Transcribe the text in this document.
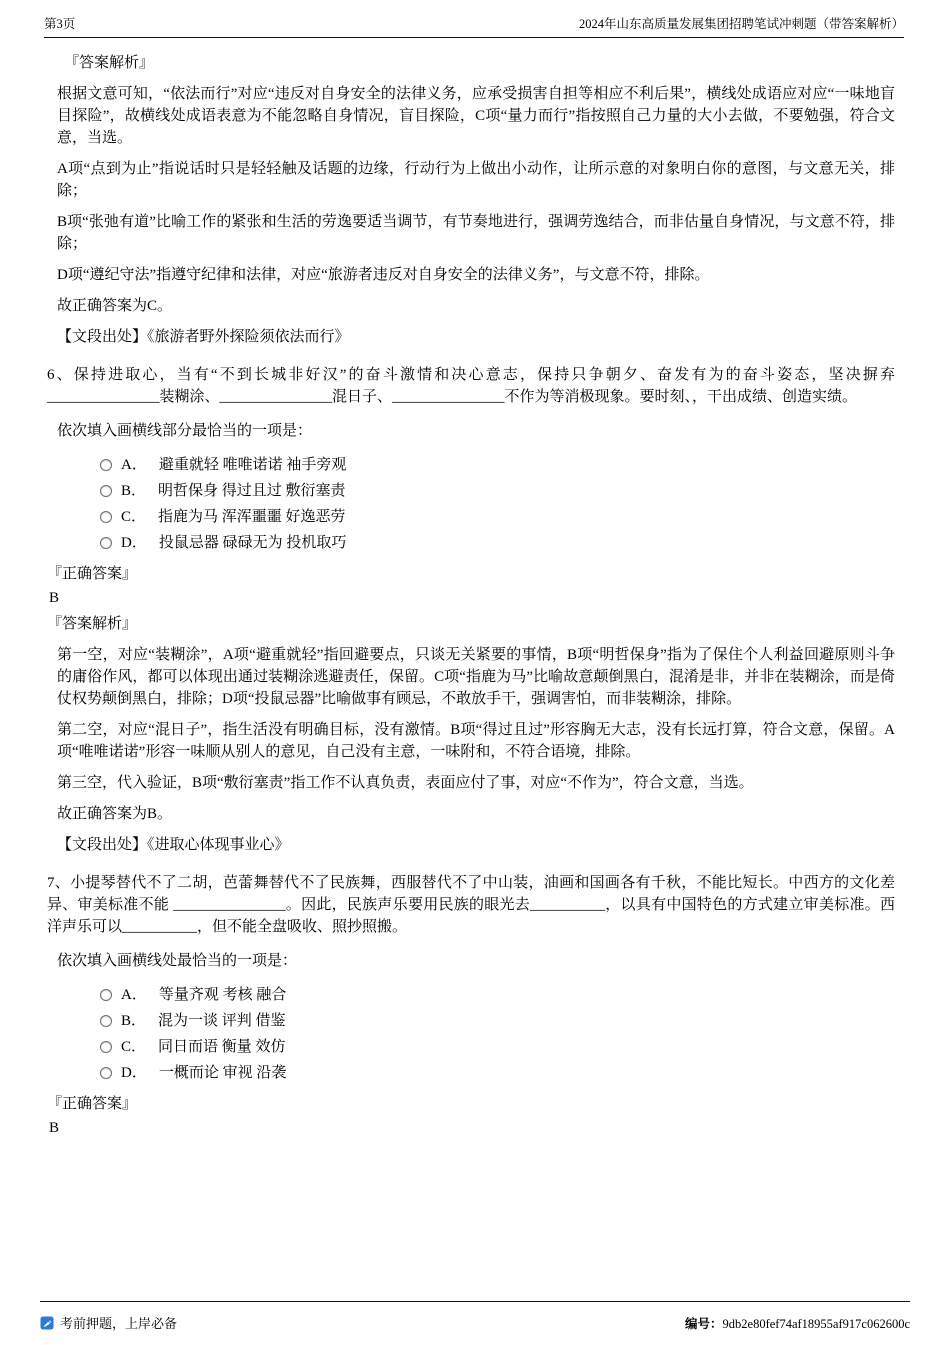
第3页	2024年山东高质量发展集团招聘笔试冲刺题（带答案解析）

『答案解析』

根据文意可知，“依法而行”对应“违反对自身安全的法律义务，应承受损害自担等相应不利后果”，横线处成语应对应“一味地盲目探险”，故横线处成语表意为不能忽略自身情况，盲目探险，C项“量力而行”指按照自己力量的大小去做，不要勉强，符合文意，当选。

A项“点到为止”指说话时只是轻轻触及话题的边缘，行动行为上做出小动作，让所示意的对象明白你的意图，与文意无关，排除；

B项“张弛有道”比喻工作的紧张和生活的劳逸要适当调节，有节奏地进行，强调劳逸结合，而非估量自身情况，与文意不符，排除；

D项“遵纪守法”指遵守纪律和法律，对应“旅游者违反对自身安全的法律义务”，与文意不符，排除。

故正确答案为C。

【文段出处】《旅游者野外探险须依法而行》

6、保持进取心，当有“不到长城非好汉”的奋斗激情和决心意志，保持只争朝夕、奋发有为的奋斗姿态，坚决摒弃 _______________装糊涂、_______________混日子、_______________不作为等消极现象。要时刻、，干出成绩、创造实绩。

依次填入画横线部分最恰当的一项是：

A． 避重就轻 唯唯诺诺 袖手旁观
B． 明哲保身 得过且过 敷衍塞责
C． 指鹿为马 浑浑噩噩 好逸恶劳
D． 投鼠忌器 碌碌无为 投机取巧

『正确答案』

B

『答案解析』

第一空，对应“装糊涂”，A项“避重就轻”指回避要点，只谈无关紧要的事情，B项“明哲保身”指为了保住个人利益回避原则斗争的庸俗作风，都可以体现出通过装糊涂逃避责任，保留。C项“指鹿为马”比喻故意颠倒黑白，混淆是非，并非在装糊涂，而是倚仗权势颠倒黑白，排除；D项“投鼠忌器”比喻做事有顾忌，不敢放手干，强调害怕，而非装糊涂，排除。

第二空，对应“混日子”，指生活没有明确目标，没有激情。B项“得过且过”形容胸无大志，没有长远打算，符合文意，保留。A项“唯唯诺诺”形容一味顺从别人的意见，自己没有主意，一味附和，不符合语境，排除。

第三空，代入验证，B项“敷衍塞责”指工作不认真负责，表面应付了事，对应“不作为”，符合文意，当选。

故正确答案为B。

【文段出处】《进取心体现事业心》

7、小提琴替代不了二胡，芭蕾舞替代不了民族舞，西服替代不了中山装，油画和国画各有千秋，不能比短长。中西方的文化差异、审美标准不能 _______________。因此，民族声乐要用民族的眼光去__________，以具有中国特色的方式建立审美标准。西洋声乐可以__________，但不能全盘吸收、照抄照搬。

依次填入画横线处最恰当的一项是：

A． 等量齐观 考核 融合
B． 混为一谈 评判 借鉴
C． 同日而语 衡量 效仿
D． 一概而论 审视 沿袭

『正确答案』

B

考前押题，上岸必备	编号：9db2e80fef74af18955af917c062600c
